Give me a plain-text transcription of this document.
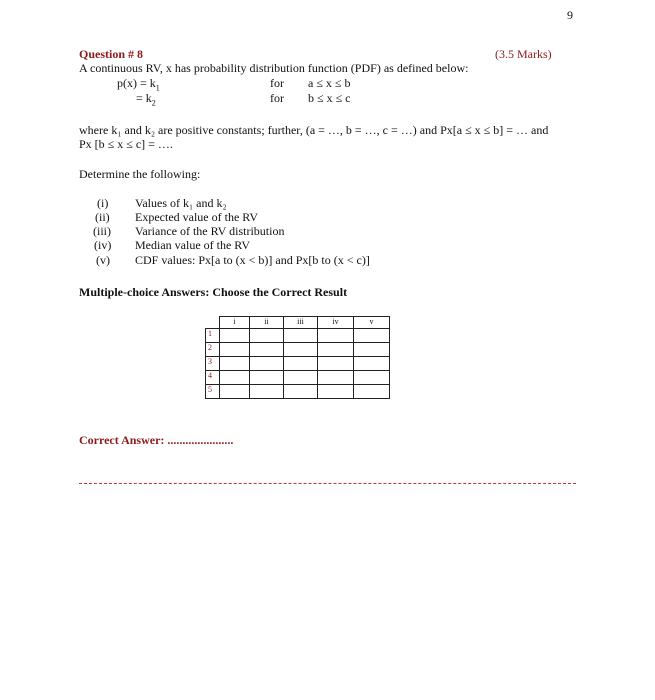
9
Question # 8	(3.5 Marks)
A continuous RV, x has probability distribution function (PDF) as defined below:
$p(x) = k_1$	for a ≤ x ≤ b
= $k_2$	for b ≤ x ≤ c
where k₁ and k₂ are positive constants; further, (a = …, b = …, c = …) and Px[a ≤ x ≤ b] = … and
Px [b ≤ x ≤ c] = ….
Determine the following:
(i) Values of k₁ and k₂
(ii) Expected value of the RV
(iii) Variance of the RV distribution
(iv) Median value of the RV
(v) CDF values: Px[a to (x < b)] and Px[b to (x < c)]
Multiple-choice Answers: Choose the Correct Result
	i	ii	iii	iv	v
1					
2					
3					
4					
5					
Correct Answer: ......................
